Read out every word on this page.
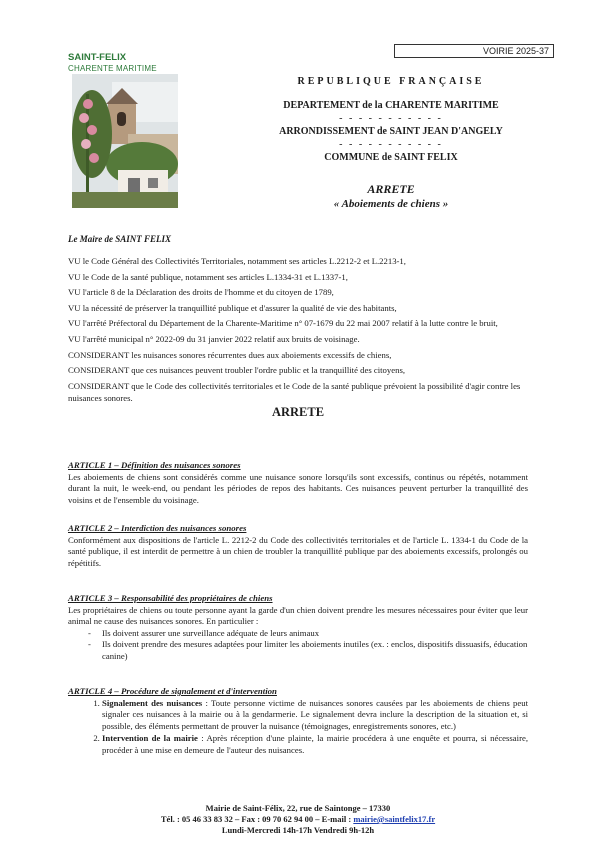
SAINT-FELIX
CHARENTE MARITIME
VOIRIE 2025-37
REPUBLIQUE FRANÇAISE
DEPARTEMENT de la CHARENTE MARITIME
- - - - - - - - - - -
ARRONDISSEMENT de SAINT JEAN D'ANGELY
- - - - - - - - - - -
COMMUNE de SAINT FELIX
ARRETE
« Aboiements de chiens »
Le Maire de SAINT FELIX

VU le Code Général des Collectivités Territoriales, notamment ses articles L.2212-2 et L.2213-1,

VU le Code de la santé publique, notamment ses articles L.1334-31 et L.1337-1,

VU l'article 8 de la Déclaration des droits de l'homme et du citoyen de 1789,

VU la nécessité de préserver la tranquillité publique et d'assurer la qualité de vie des habitants,

VU l'arrêté Préfectoral du Département de la Charente-Maritime n° 07-1679 du 22 mai 2007 relatif à la lutte contre le bruit,

VU l'arrêté municipal n° 2022-09 du 31 janvier 2022 relatif aux bruits de voisinage.

CONSIDERANT les nuisances sonores récurrentes dues aux aboiements excessifs de chiens,

CONSIDERANT que ces nuisances peuvent troubler l'ordre public et la tranquillité des citoyens,

CONSIDERANT que le Code des collectivités territoriales et le Code de la santé publique prévoient la possibilité d'agir contre les nuisances sonores.

ARRETE
ARTICLE 1 – Définition des nuisances sonores

Les aboiements de chiens sont considérés comme une nuisance sonore lorsqu'ils sont excessifs, continus ou répétés, notamment durant la nuit, le week-end, ou pendant les périodes de repos des habitants. Ces nuisances peuvent perturber la tranquillité des voisins et de l'ensemble du voisinage.

ARTICLE 2 – Interdiction des nuisances sonores

Conformément aux dispositions de l'article L. 2212-2 du Code des collectivités territoriales et de l'article L. 1334-1 du Code de la santé publique, il est interdit de permettre à un chien de troubler la tranquillité publique par des aboiements excessifs, prolongés ou répétitifs.

ARTICLE 3 – Responsabilité des propriétaires de chiens

Les propriétaires de chiens ou toute personne ayant la garde d'un chien doivent prendre les mesures nécessaires pour éviter que leur animal ne cause des nuisances sonores. En particulier :

- Ils doivent assurer une surveillance adéquate de leurs animaux
- Ils doivent prendre des mesures adaptées pour limiter les aboiements inutiles (ex. : enclos, dispositifs dissuasifs, éducation canine)
ARTICLE 4 – Procédure de signalement et d'intervention
1. Signalement des nuisances : Toute personne victime de nuisances sonores causées par les aboiements de chiens peut signaler ces nuisances à la mairie ou à la gendarmerie. Le signalement devra inclure la description de la situation et, si possible, des éléments permettant de prouver la nuisance (témoignages, enregistrements sonores, etc.)
2. Intervention de la mairie : Après réception d'une plainte, la mairie procédera à une enquête et pourra, si nécessaire, procéder à une mise en demeure de l'auteur des nuisances.
Mairie de Saint-Félix, 22, rue de Saintonge – 17330
Tél. : 05 46 33 83 32 – Fax : 09 70 62 94 00 – E-mail : mairie@saintfelix17.fr
Lundi-Mercredi 14h-17h Vendredi 9h-12h
